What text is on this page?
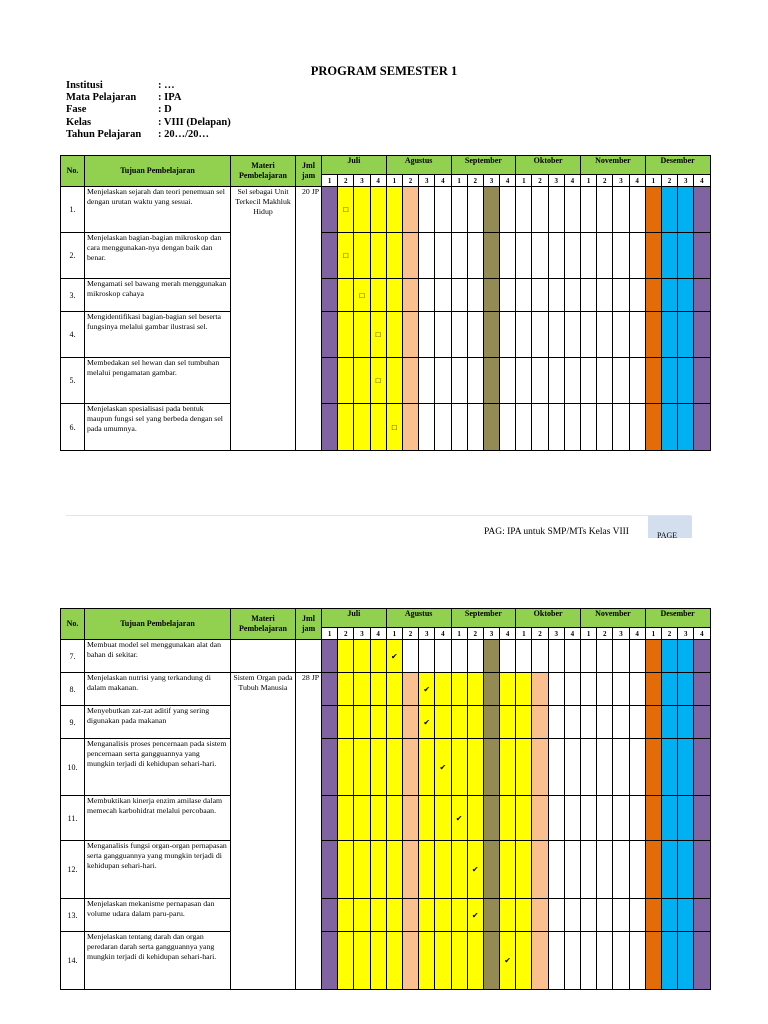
PROGRAM SEMESTER 1
Institusi	: …
Mata Pelajaran	: IPA
Fase	: D
Kelas	: VIII (Delapan)
Tahun Pelajaran	: 20…/20…
No.	Tujuan Pembelajaran	Materi Pembelajaran	Jml jam	Juli				Agustus				September				Oktober				November				Desember			
				1	2	3	4	1	2	3	4	1	2	3	4	1	2	3	4	1	2	3	4	1	2	3	4
1.	Menjelaskan sejarah dan teori penemuan sel dengan urutan waktu yang sesuai.	Sel sebagai Unit Terkecil Makhluk Hidup	20 JP		□																						
2.	Menjelaskan bagian-bagian mikroskop dan cara menggunakan-nya dengan baik dan benar.				□																						
3.	Mengamati sel bawang merah menggunakan mikroskop cahaya					□																					
4.	Mengidentifikasi bagian-bagian sel beserta fungsinya melalui gambar ilustrasi sel.						□																				
5.	Membedakan sel hewan dan sel tumbuhan melalui pengamatan gambar.						□																				
6.	Menjelaskan spesialisasi pada bentuk maupun fungsi sel yang berbeda dengan sel pada umumnya.							□																			
PAG: IPA untuk SMP/MTs Kelas VIII	PAGE
No.	Tujuan Pembelajaran	Materi Pembelajaran	Jml jam	Juli				Agustus				September				Oktober				November				Desember			
				1	2	3	4	1	2	3	4	1	2	3	4	1	2	3	4	1	2	3	4	1	2	3	4
7.	Membuat model sel menggunakan alat dan bahan di sekitar.							✔																			
8.	Menjelaskan nutrisi yang terkandung di dalam makanan.	Sistem Organ pada Tubuh Manusia	28 JP							✔																	
9.	Menyebutkan zat-zat aditif yang sering digunakan pada makanan									✔																	
10.	Menganalisis proses pencernaan pada sistem pencernaan serta gangguannya yang mungkin terjadi di kehidupan sehari-hari.										✔																
11.	Membuktikan kinerja enzim amilase dalam memecah karbohidrat melalui percobaan.											✔															
12.	Menganalisis fungsi organ-organ pernapasan serta gangguannya yang mungkin terjadi di kehidupan sehari-hari.												✔														
13.	Menjelaskan mekanisme pernapasan dan volume udara dalam paru-paru.												✔														
14.	Menjelaskan tentang darah dan organ peredaran darah serta gangguannya yang mungkin terjadi di kehidupan sehari-hari.														✔												
